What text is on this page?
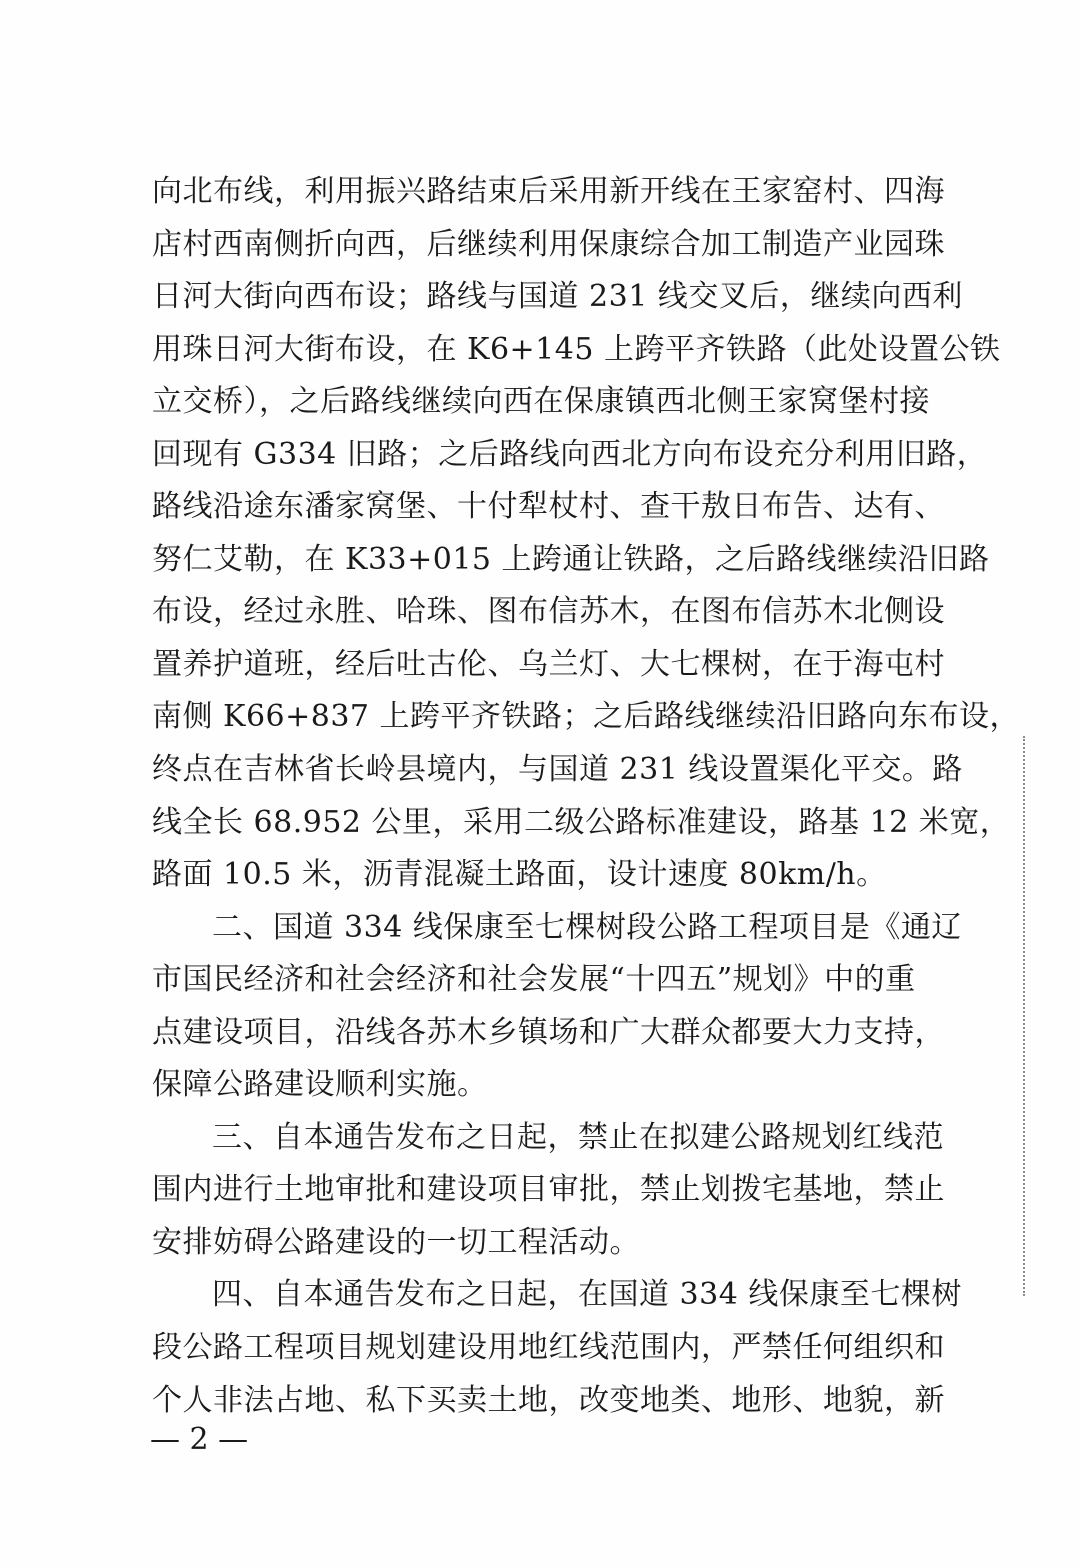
向北布线，利用振兴路结束后采用新开线在王家窑村、四海
店村西南侧折向西，后继续利用保康综合加工制造产业园珠
日河大街向西布设；路线与国道 231 线交叉后，继续向西利
用珠日河大街布设，在 K6+145 上跨平齐铁路（此处设置公铁
立交桥），之后路线继续向西在保康镇西北侧王家窝堡村接
回现有 G334 旧路；之后路线向西北方向布设充分利用旧路，
路线沿途东潘家窝堡、十付犁杖村、查干敖日布告、达有、
努仁艾勒，在 K33+015 上跨通让铁路，之后路线继续沿旧路
布设，经过永胜、哈珠、图布信苏木，在图布信苏木北侧设
置养护道班，经后吐古伦、乌兰灯、大七棵树，在于海屯村
南侧 K66+837 上跨平齐铁路；之后路线继续沿旧路向东布设，
终点在吉林省长岭县境内，与国道 231 线设置渠化平交。路
线全长 68.952 公里，采用二级公路标准建设，路基 12 米宽，
路面 10.5 米，沥青混凝土路面，设计速度 80km/h。
二、国道 334 线保康至七棵树段公路工程项目是《通辽
市国民经济和社会经济和社会发展“十四五”规划》中的重
点建设项目，沿线各苏木乡镇场和广大群众都要大力支持，
保障公路建设顺利实施。
三、自本通告发布之日起，禁止在拟建公路规划红线范
围内进行土地审批和建设项目审批，禁止划拨宅基地，禁止
安排妨碍公路建设的一切工程活动。
四、自本通告发布之日起，在国道 334 线保康至七棵树
段公路工程项目规划建设用地红线范围内，严禁任何组织和
个人非法占地、私下买卖土地，改变地类、地形、地貌，新
— 2 —
